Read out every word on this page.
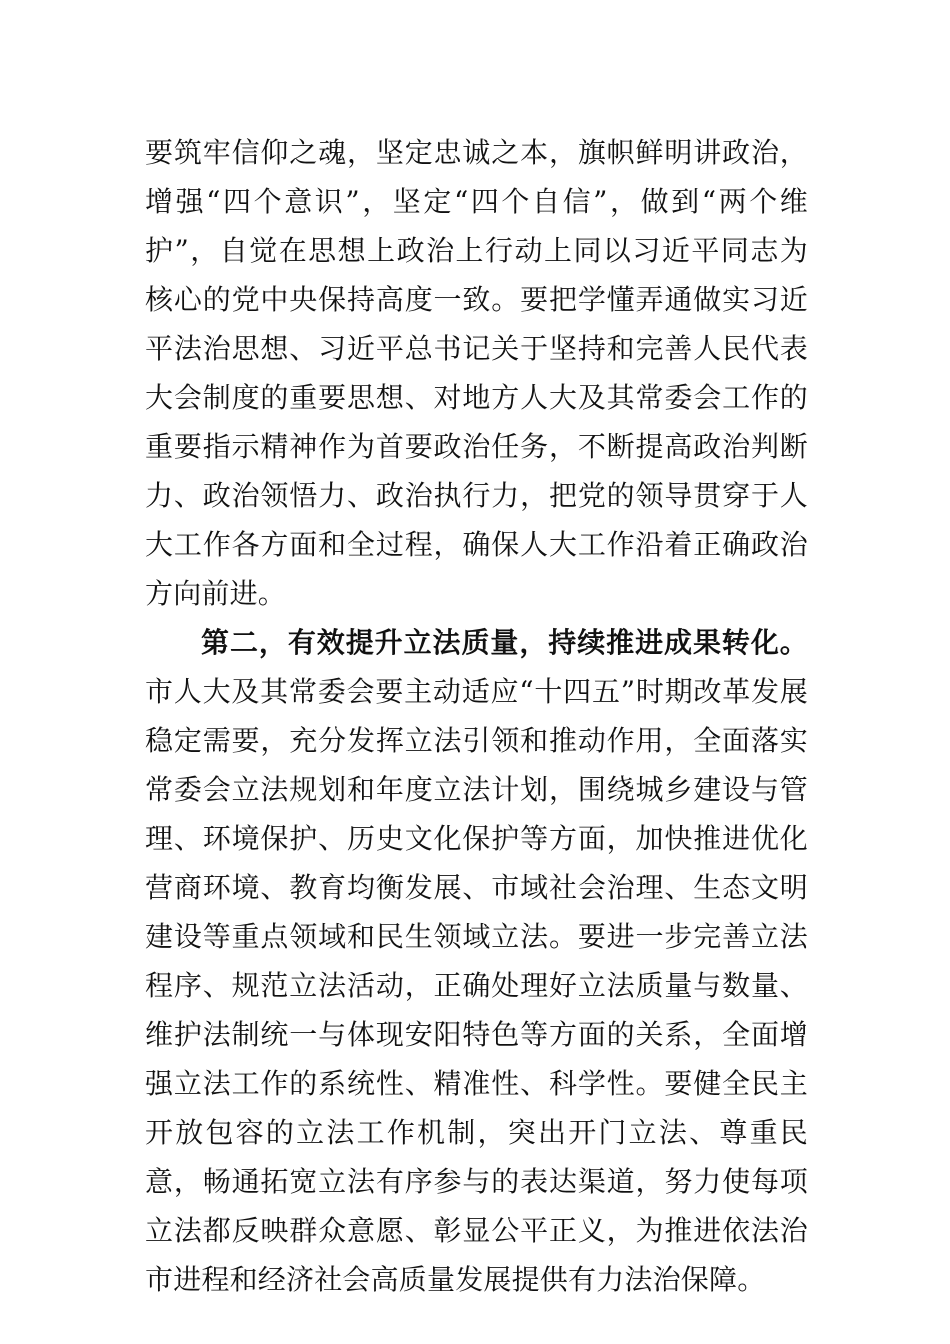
要筑牢信仰之魂，坚定忠诚之本，旗帜鲜明讲政治，增强“四个意识”，坚定“四个自信”，做到“两个维护”，自觉在思想上政治上行动上同以习近平同志为核心的党中央保持高度一致。要把学懂弄通做实习近平法治思想、习近平总书记关于坚持和完善人民代表大会制度的重要思想、对地方人大及其常委会工作的重要指示精神作为首要政治任务，不断提高政治判断力、政治领悟力、政治执行力，把党的领导贯穿于人大工作各方面和全过程，确保人大工作沿着正确政治方向前进。

第二，有效提升立法质量，持续推进成果转化。市人大及其常委会要主动适应“十四五”时期改革发展稳定需要，充分发挥立法引领和推动作用，全面落实常委会立法规划和年度立法计划，围绕城乡建设与管理、环境保护、历史文化保护等方面，加快推进优化营商环境、教育均衡发展、市域社会治理、生态文明建设等重点领域和民生领域立法。要进一步完善立法程序、规范立法活动，正确处理好立法质量与数量、维护法制统一与体现安阳特色等方面的关系，全面增强立法工作的系统性、精准性、科学性。要健全民主开放包容的立法工作机制，突出开门立法、尊重民意，畅通拓宽立法有序参与的表达渠道，努力使每项立法都反映群众意愿、彰显公平正义，为推进依法治市进程和经济社会高质量发展提供有力法治保障。
